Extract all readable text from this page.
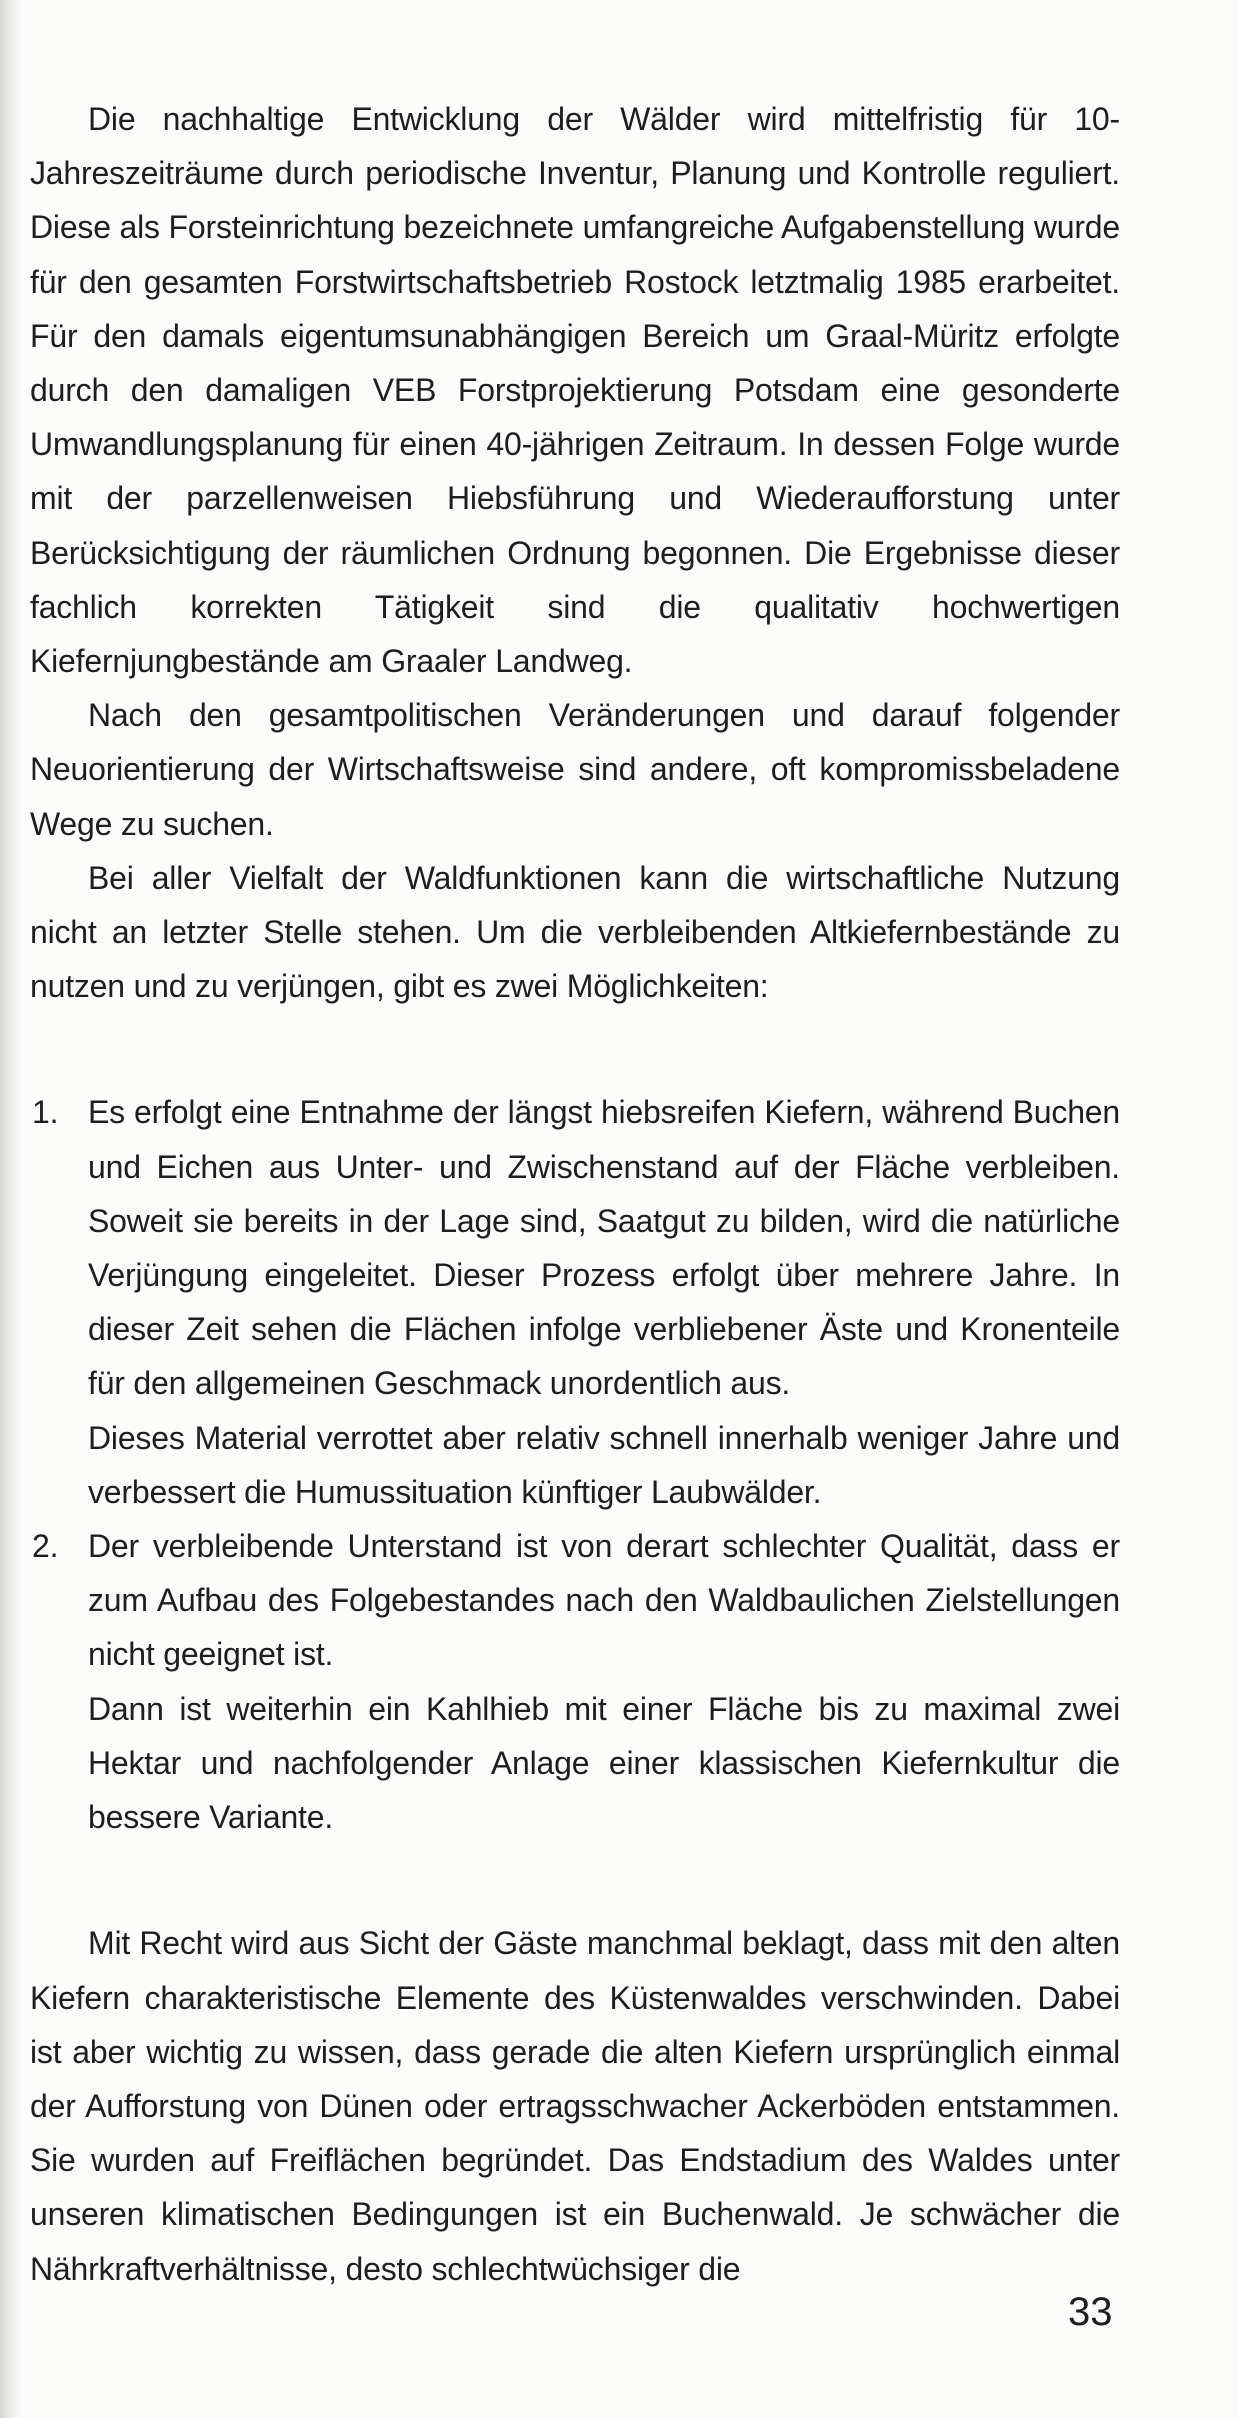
Die nachhaltige Entwicklung der Wälder wird mittelfristig für 10-Jahreszeiträume durch periodische Inventur, Planung und Kontrolle reguliert. Diese als Forsteinrichtung bezeichnete umfangreiche Aufgabenstellung wurde für den gesamten Forstwirtschaftsbetrieb Rostock letztmalig 1985 erarbeitet. Für den damals eigentumsunabhängigen Bereich um Graal-Müritz erfolgte durch den damaligen VEB Forstprojektierung Potsdam eine gesonderte Umwandlungsplanung für einen 40-jährigen Zeitraum. In dessen Folge wurde mit der parzellenweisen Hiebsführung und Wiederaufforstung unter Berücksichtigung der räumlichen Ordnung begonnen. Die Ergebnisse dieser fachlich korrekten Tätigkeit sind die qualitativ hochwertigen Kiefernjungbestände am Graaler Landweg.

Nach den gesamtpolitischen Veränderungen und darauf folgender Neuorientierung der Wirtschaftsweise sind andere, oft kompromissbeladene Wege zu suchen.

Bei aller Vielfalt der Waldfunktionen kann die wirtschaftliche Nutzung nicht an letzter Stelle stehen. Um die verbleibenden Altkiefernbestände zu nutzen und zu verjüngen, gibt es zwei Möglichkeiten:

1. Es erfolgt eine Entnahme der längst hiebsreifen Kiefern, während Buchen und Eichen aus Unter- und Zwischenstand auf der Fläche verbleiben. Soweit sie bereits in der Lage sind, Saatgut zu bilden, wird die natürliche Verjüngung eingeleitet. Dieser Prozess erfolgt über mehrere Jahre. In dieser Zeit sehen die Flächen infolge verbliebener Äste und Kronenteile für den allgemeinen Geschmack unordentlich aus.

Dieses Material verrottet aber relativ schnell innerhalb weniger Jahre und verbessert die Humussituation künftiger Laubwälder.

2. Der verbleibende Unterstand ist von derart schlechter Qualität, dass er zum Aufbau des Folgebestandes nach den Waldbaulichen Zielstellungen nicht geeignet ist.

Dann ist weiterhin ein Kahlhieb mit einer Fläche bis zu maximal zwei Hektar und nachfolgender Anlage einer klassischen Kiefernkultur die bessere Variante.

Mit Recht wird aus Sicht der Gäste manchmal beklagt, dass mit den alten Kiefern charakteristische Elemente des Küstenwaldes verschwinden. Dabei ist aber wichtig zu wissen, dass gerade die alten Kiefern ursprünglich einmal der Aufforstung von Dünen oder ertragsschwacher Ackerböden entstammen. Sie wurden auf Freiflächen begründet. Das Endstadium des Waldes unter unseren klimatischen Bedingungen ist ein Buchenwald. Je schwächer die Nährkraftverhältnisse, desto schlechtwüchsiger die

33
